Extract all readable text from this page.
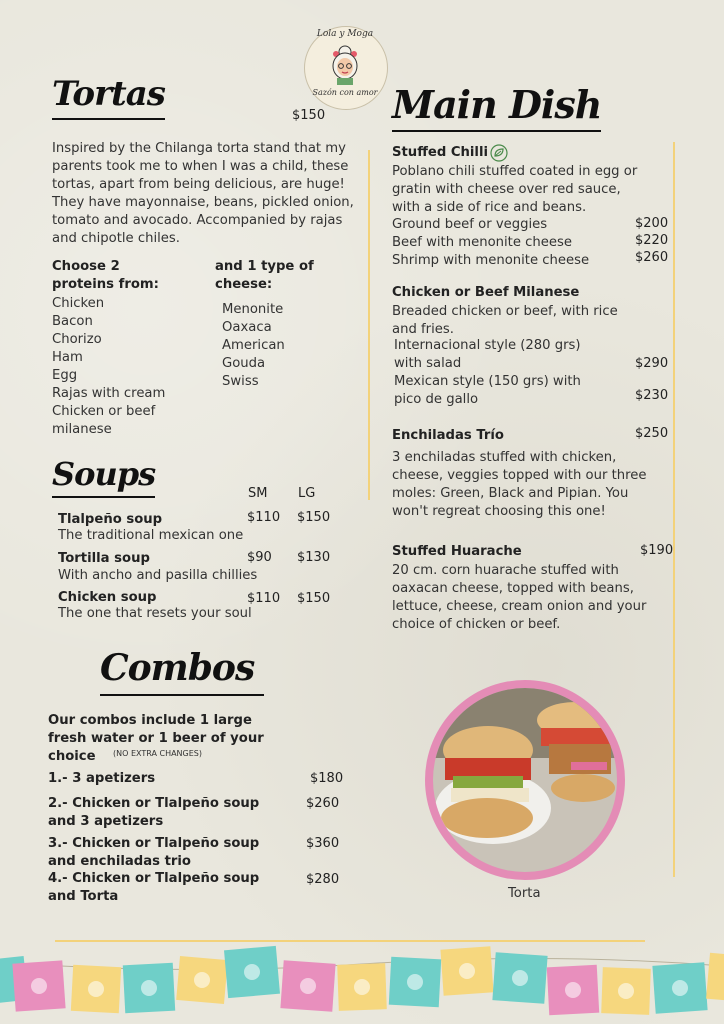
Lola y Moga
Sazón con amor
Tortas
$150
Inspired by the Chilanga torta stand that my parents took me to when I was a child, these tortas, apart from being delicious, are huge! They have mayonnaise, beans, pickled onion, tomato and avocado. Accompanied by rajas and chipotle chiles.
Choose 2 proteins from:
Chicken
Bacon
Chorizo
Ham
Egg
Rajas with cream
Chicken or beef milanese
and 1 type of cheese:
Menonite
Oaxaca
American
Gouda
Swiss
Soups
SM LG
Tlalpeño soup	$110 $150
The traditional mexican one
Tortilla soup	$90 $130
With ancho and pasilla chillies
Chicken soup	$110 $150
The one that resets your soul
Combos
Our combos include 1 large fresh water or 1 beer of your choice	(NO EXTRA CHANGES)
1.- 3 apetizers	$180
2.- Chicken or Tlalpeño soup and 3 apetizers
$260
3.- Chicken or Tlalpeño soup and enchiladas trio
$360
4.- Chicken or Tlalpeño soup and Torta
$280
Main Dish
Stuffed Chilli
Poblano chili stuffed coated in egg or gratin with cheese over red sauce, with a side of rice and beans.
Ground beef or veggies	$200
Beef with menonite cheese	$220
Shrimp with menonite cheese	$260
Chicken or Beef Milanese
Breaded chicken or beef, with rice and fries.
Internacional style (280 grs)
with salad	$290
Mexican style (150 grs) with
pico de gallo	$230
Enchiladas Trío	$250
3 enchiladas stuffed with chicken, cheese, veggies topped with our three moles: Green, Black and Pipian. You won't regreat choosing this one!
Stuffed Huarache	$190
20 cm. corn huarache stuffed with oaxacan cheese, topped with beans, lettuce, cheese, cream onion and your choice of chicken or beef.
Torta
